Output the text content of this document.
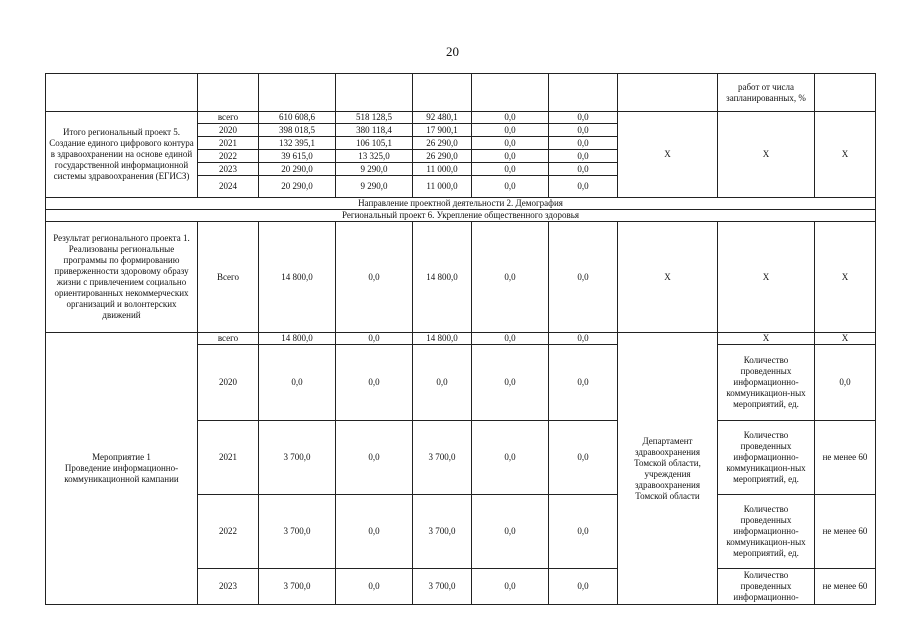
20
								работ от числа запланированных, %	
Итого региональный проект 5. Создание единого цифрового контура в здравоохранении на основе единой государственной информационной системы здравоохранения (ЕГИСЗ)	всего	610 608,6	518 128,5	92 480,1	0,0	0,0	X	X	X
	2020	398 018,5	380 118,4	17 900,1	0,0	0,0			
	2021	132 395,1	106 105,1	26 290,0	0,0	0,0			
	2022	39 615,0	13 325,0	26 290,0	0,0	0,0			
	2023	20 290,0	9 290,0	11 000,0	0,0	0,0			
	2024	20 290,0	9 290,0	11 000,0	0,0	0,0			
Направление проектной деятельности 2. Демография									
Региональный проект 6. Укрепление общественного здоровья									
Результат регионального проекта 1. Реализованы региональные программы по формированию приверженности здоровому образу жизни с привлечением социально ориентированных некоммерческих организаций и волонтерских движений	Всего	14 800,0	0,0	14 800,0	0,0	0,0	X	X	X

Мероприятие 1
Проведение информационно-коммуникационной кампании	всего	14 800,0	0,0	14 800,0	0,0	0,0	Департамент здравоохранения Томской области, учреждения здравоохранения Томской области	X	X
	2020	0,0	0,0	0,0	0,0	0,0		Количество проведенных информационно-коммуникацион-ных мероприятий, ед.	0,0
	2021	3 700,0	0,0	3 700,0	0,0	0,0		Количество проведенных информационно-коммуникацион-ных мероприятий, ед.	не менее 60
	2022	3 700,0	0,0	3 700,0	0,0	0,0		Количество проведенных информационно-коммуникацион-ных мероприятий, ед.	не менее 60
	2023	3 700,0	0,0	3 700,0	0,0	0,0		Количество проведенных информационно-	не менее 60
